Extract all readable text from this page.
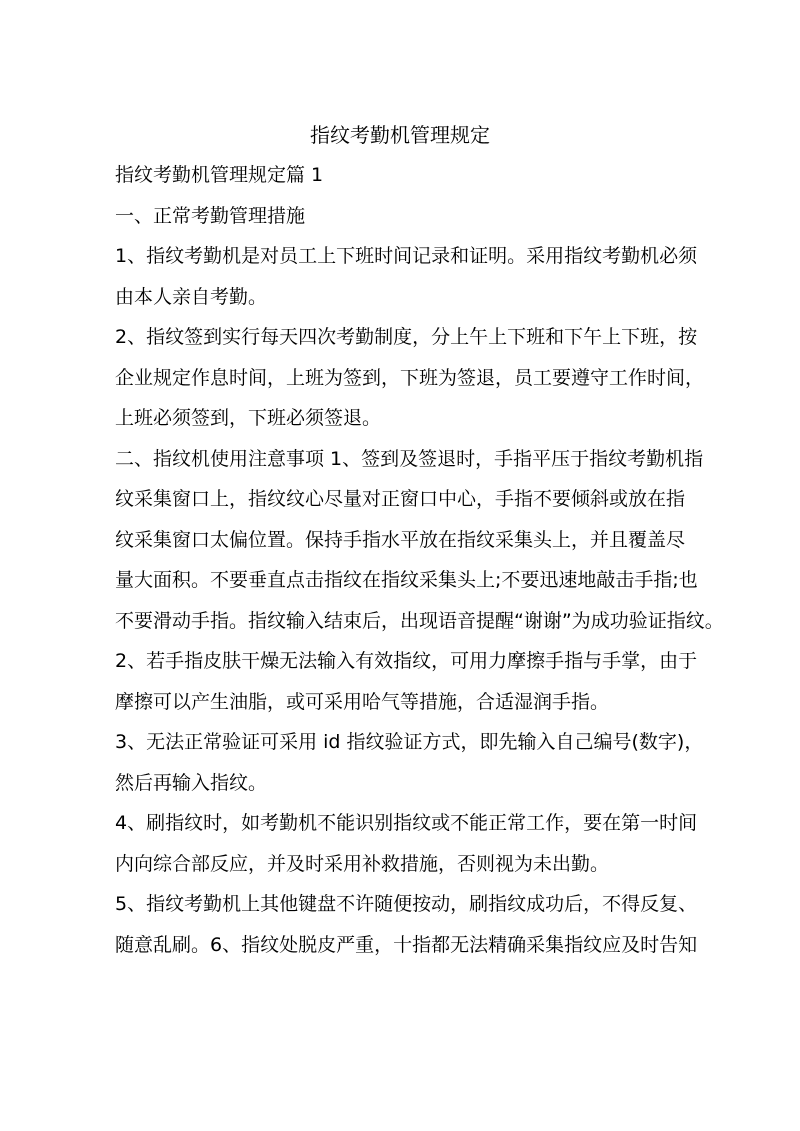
指纹考勤机管理规定
指纹考勤机管理规定篇 1
一、正常考勤管理措施
1、指纹考勤机是对员工上下班时间记录和证明。采用指纹考勤机必须
由本人亲自考勤。
2、指纹签到实行每天四次考勤制度，分上午上下班和下午上下班，按
企业规定作息时间，上班为签到，下班为签退，员工要遵守工作时间，
上班必须签到，下班必须签退。
二、指纹机使用注意事项 1、签到及签退时，手指平压于指纹考勤机指
纹采集窗口上，指纹纹心尽量对正窗口中心，手指不要倾斜或放在指
纹采集窗口太偏位置。保持手指水平放在指纹采集头上，并且覆盖尽
量大面积。不要垂直点击指纹在指纹采集头上;不要迅速地敲击手指;也
不要滑动手指。指纹输入结束后，出现语音提醒“谢谢”为成功验证指纹。
2、若手指皮肤干燥无法输入有效指纹，可用力摩擦手指与手掌，由于
摩擦可以产生油脂，或可采用哈气等措施，合适湿润手指。
3、无法正常验证可采用 id 指纹验证方式，即先输入自己编号(数字)，
然后再输入指纹。
4、刷指纹时，如考勤机不能识别指纹或不能正常工作，要在第一时间
内向综合部反应，并及时采用补救措施，否则视为未出勤。
5、指纹考勤机上其他键盘不许随便按动，刷指纹成功后，不得反复、
随意乱刷。6、指纹处脱皮严重，十指都无法精确采集指纹应及时告知
